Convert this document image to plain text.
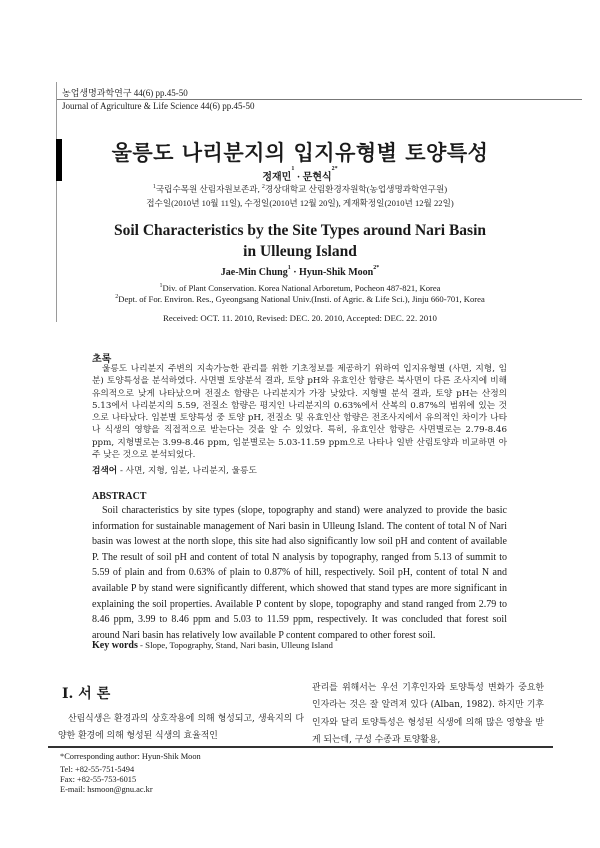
농업생명과학연구 44(6) pp.45-50
Journal of Agriculture & Life Science 44(6) pp.45-50
울릉도 나리분지의 입지유형별 토양특성
정재민$^1$ · 문현식$^{2*}$
$^1$국립수목원 산림자원보존과, $^2$경상대학교 산림환경자원학(농업생명과학연구원)
접수일(2010년 10월 11일), 수정일(2010년 12월 20일), 게재확정일(2010년 12월 22일)
Soil Characteristics by the Site Types around Nari Basin
in Ulleung Island
Jae-Min Chung$^1$ · Hyun-Shik Moon$^{2*}$
$^1$Div. of Plant Conservation. Korea National Arboretum, Pocheon 487-821, Korea
$^2$Dept. of For. Environ. Res., Gyeongsang National Univ.(Insti. of Agric. & Life Sci.), Jinju 660-701, Korea
Received: OCT. 11. 2010, Revised: DEC. 20. 2010, Accepted: DEC. 22. 2010
초록
울릉도 나리분지 주변의 지속가능한 관리를 위한 기초정보를 제공하기 위하여 입지유형별 (사면, 지형, 임분) 토양특성을 분석하였다. 사면별 토양분석 결과, 토양 pH와 유효인산 함량은 북사면이 다른 조사지에 비해 유의적으로 낮게 나타났으며 전질소 함량은 나리분지가 가장 낮았다. 지형별 분석 결과, 토양 pH는 산정의 5.13에서 나리분지의 5.59, 전질소 함량은 평지인 나리분지의 0.63%에서 산복의 0.87%의 범위에 있는 것으로 나타났다. 임분별 토양특성 중 토양 pH, 전질소 및 유효인산 함량은 전조사지에서 유의적인 차이가 나타나 식생의 영향을 직접적으로 받는다는 것을 알 수 있었다. 특히, 유효인산 함량은 사면별로는 2.79-8.46 ppm, 지형별로는 3.99-8.46 ppm, 임분별로는 5.03-11.59 ppm으로 나타나 일반 산림토양과 비교하면 아주 낮은 것으로 분석되었다.
검색어 - 사면, 지형, 임분, 나리분지, 울릉도
ABSTRACT
Soil characteristics by site types (slope, topography and stand) were analyzed to provide the basic information for sustainable management of Nari basin in Ulleung Island. The content of total N of Nari basin was lowest at the north slope, this site had also significantly low soil pH and content of available P. The result of soil pH and content of total N analysis by topography, ranged from 5.13 of summit to 5.59 of plain and from 0.63% of plain to 0.87% of hill, respectively. Soil pH, content of total N and available P by stand were significantly different, which showed that stand types are more significant in explaining the soil properties. Available P content by slope, topography and stand ranged from 2.79 to 8.46 ppm, 3.99 to 8.46 ppm and 5.03 to 11.59 ppm, respectively. It was concluded that forest soil around Nari basin has relatively low available P content compared to other forest soil.
Key words - Slope, Topography, Stand, Nari basin, Ulleung Island
I. 서 론
산림식생은 환경과의 상호작용에 의해 형성되고, 생육지의 다양한 환경에 의해 형성된 식생의 효율적인
관리를 위해서는 우선 기후인자와 토양특성 변화가 중요한 인자라는 것은 잘 알려져 있다 (Alban, 1982). 하지만 기후인자와 달리 토양특성은 형성된 식생에 의해 많은 영향을 받게 되는데, 구성 수종과 토양활용,
*Corresponding author: Hyun-Shik Moon
Tel: +82-55-751-5494
Fax: +82-55-753-6015
E-mail: hsmoon@gnu.ac.kr
